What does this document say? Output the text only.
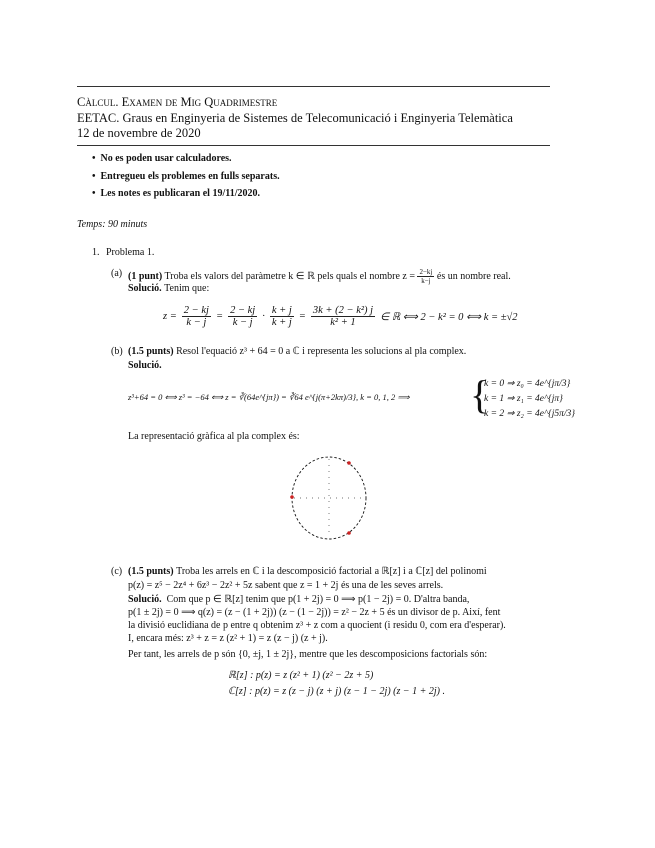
Càlcul. Examen de Mig Quadrimestre
EETAC. Graus en Enginyeria de Sistemes de Telecomunicació i Enginyeria Telemàtica
12 de novembre de 2020
•  No es poden usar calculadores.
•  Entregueu els problemes en fulls separats.
•  Les notes es publicaran el 19/11/2020.
Temps: 90 minuts
1. Problema 1.
(a) (1 punt) Troba els valors del paràmetre k ∈ ℝ pels quals el nombre $z = \frac{2-kj}{k-j}$ és un nombre real.
Solució. Tenim que:
$z = \frac{2 - kj}{k - j} = \frac{2 - kj}{k - j} \cdot \frac{k + j}{k + j} = \frac{\text{3k + (2 − k²) j}}{\text{k² + 1}}$ ∈ ℝ ⟺ 2 − k² = 0 ⟺ k = ±√2
(b) (1.5 punts) Resol l'equació z³ + 64 = 0 a ℂ i representa les solucions al pla complex.
Solució.
z³+64 = 0 ⟺ z³ = −64 ⟺ z = ∛(64e^{jπ}) = ∛64 e^{j(π+2kπ)/3}, k = 0, 1, 2 ⟹ {
k = 0 ⇒ z₀ = 4e^{jπ/3}
k = 1 ⇒ z₁ = 4e^{jπ}
k = 2 ⇒ z₂ = 4e^{j5π/3}
La representació gràfica al pla complex és:
(c) (1.5 punts) Troba les arrels en ℂ i la descomposició factorial a ℝ[z] i a ℂ[z] del polinomi
p(z) = z⁵ − 2z⁴ + 6z³ − 2z² + 5z sabent que z = 1 + 2j és una de les seves arrels.
Solució. Com que p ∈ ℝ[z] tenim que p(1 + 2j) = 0 ⟹ p(1 − 2j) = 0. D'altra banda,
p(1 ± 2j) = 0 ⟹ q(z) = (z − (1 + 2j)) (z − (1 − 2j)) = z² − 2z + 5 és un divisor de p. Així, fent
la divisió euclidiana de p entre q obtenim z³ + z com a quocient (i residu 0, com era d'esperar).
I, encara més: z³ + z = z (z² + 1) = z (z − j) (z + j).
Per tant, les arrels de p són {0, ±j, 1 ± 2j}, mentre que les descomposicions factorials són:
ℝ[z] : p(z) = z (z² + 1) (z² − 2z + 5)
ℂ[z] : p(z) = z (z − j) (z + j) (z − 1 − 2j) (z − 1 + 2j) .
